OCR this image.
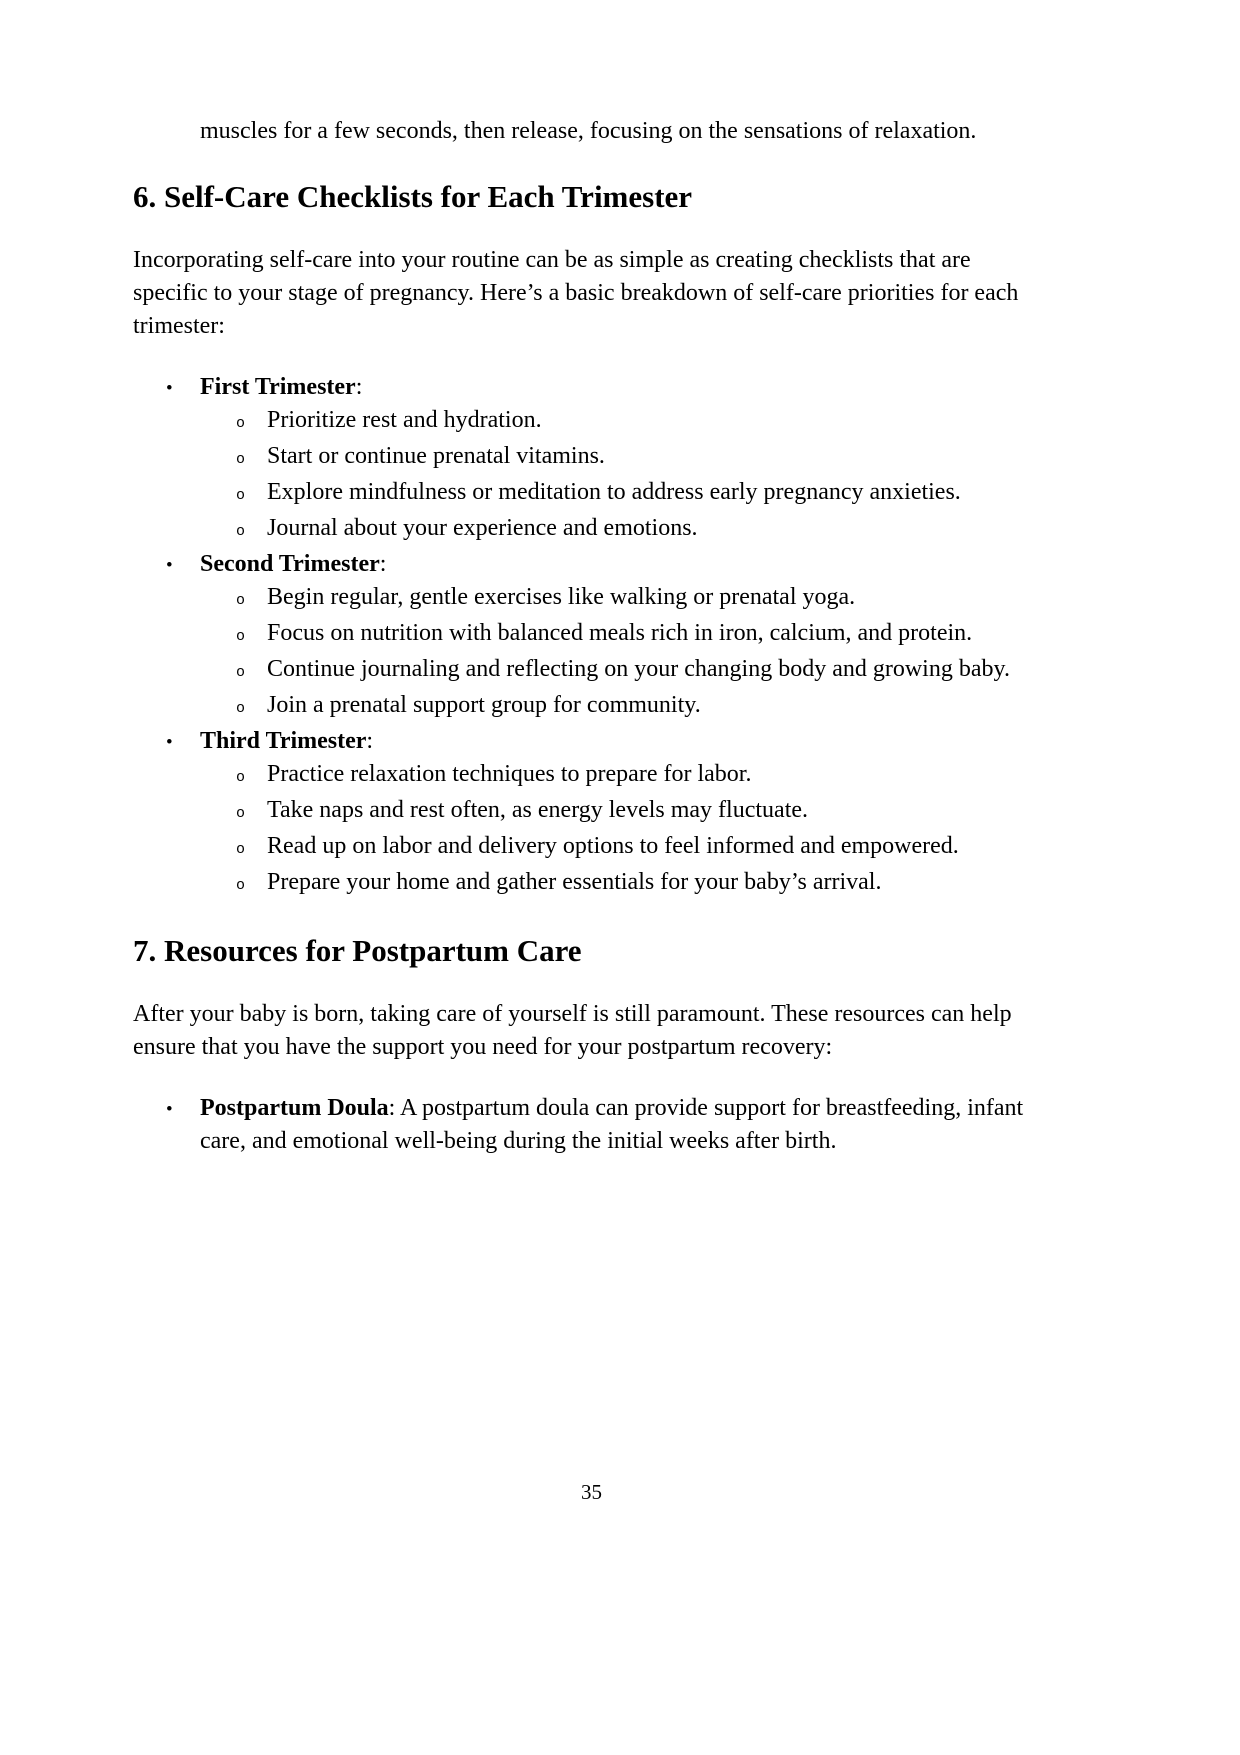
muscles for a few seconds, then release, focusing on the sensations of relaxation.

6. Self-Care Checklists for Each Trimester

Incorporating self-care into your routine can be as simple as creating checklists that are specific to your stage of pregnancy. Here’s a basic breakdown of self-care priorities for each trimester:

•	First Trimester:
o Prioritize rest and hydration.
o Start or continue prenatal vitamins.
o Explore mindfulness or meditation to address early pregnancy anxieties.
o Journal about your experience and emotions.
•	Second Trimester:
o Begin regular, gentle exercises like walking or prenatal yoga.
o Focus on nutrition with balanced meals rich in iron, calcium, and protein.
o Continue journaling and reflecting on your changing body and growing baby.
o Join a prenatal support group for community.
•	Third Trimester:
o Practice relaxation techniques to prepare for labor.
o Take naps and rest often, as energy levels may fluctuate.
o Read up on labor and delivery options to feel informed and empowered.
o Prepare your home and gather essentials for your baby’s arrival.
7. Resources for Postpartum Care

After your baby is born, taking care of yourself is still paramount. These resources can help ensure that you have the support you need for your postpartum recovery:

•	Postpartum Doula: A postpartum doula can provide support for breastfeeding, infant care, and emotional well-being during the initial weeks after birth.
35
